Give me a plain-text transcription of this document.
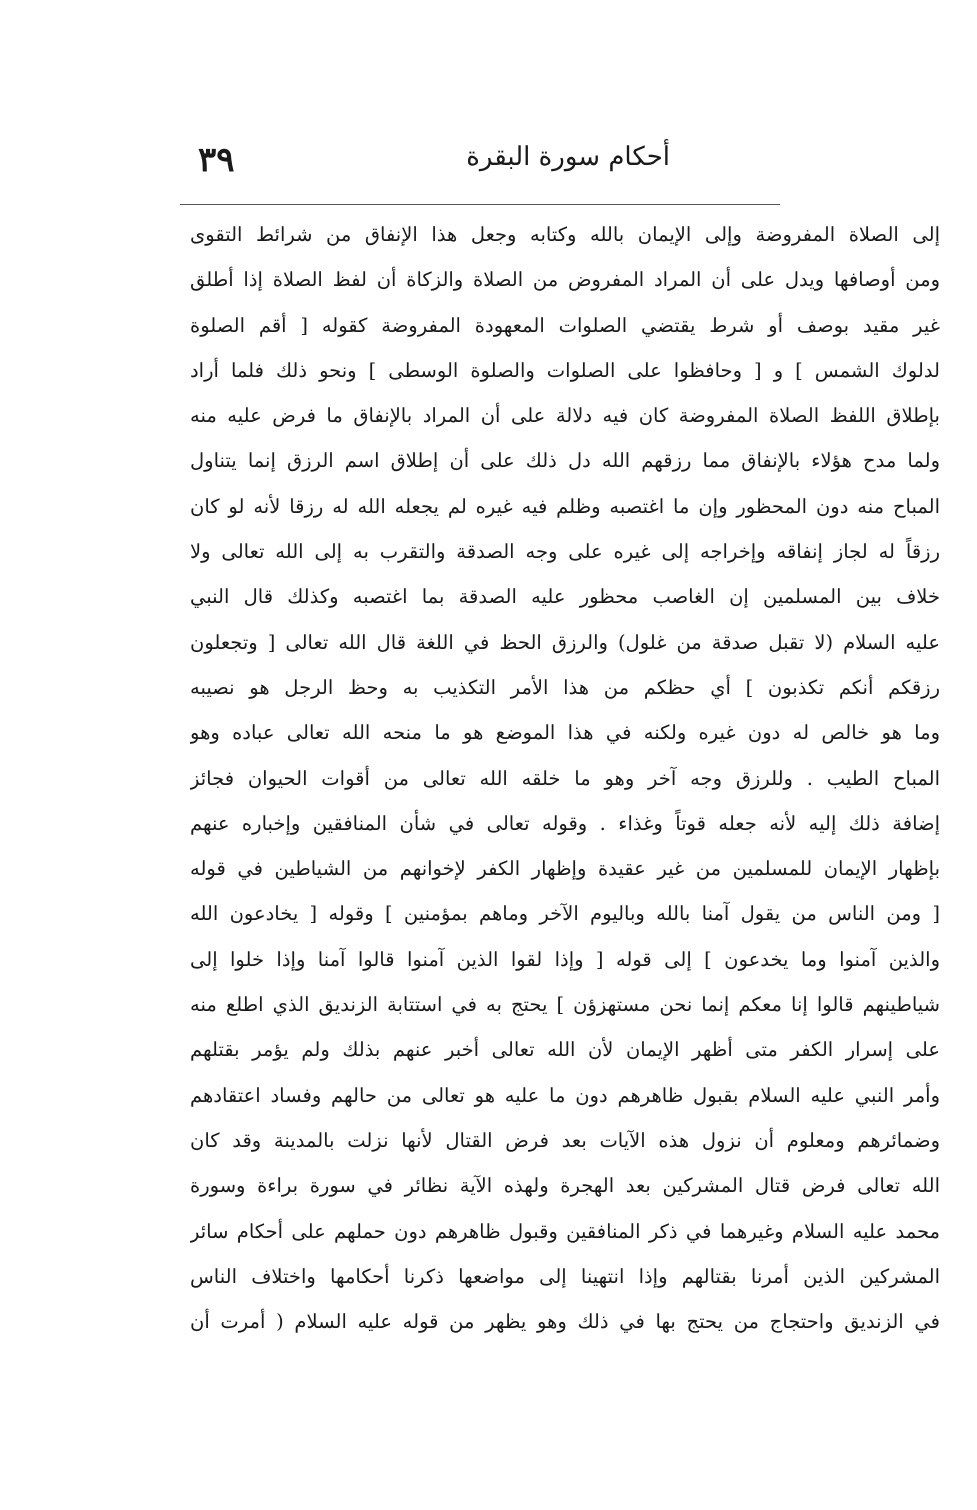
٣٩	أحكام سورة البقرة
إلى الصلاة المفروضة وإلى الإيمان بالله وكتابه وجعل هذا الإنفاق من شرائط التقوى
ومن أوصافها ويدل على أن المراد المفروض من الصلاة والزكاة أن لفظ الصلاة إذا أطلق
غير مقيد بوصف أو شرط يقتضي الصلوات المعهودة المفروضة كقوله [ أقم الصلوة
لدلوك الشمس ] و [ وحافظوا على الصلوات والصلوة الوسطى ] ونحو ذلك فلما أراد
بإطلاق اللفظ الصلاة المفروضة كان فيه دلالة على أن المراد بالإنفاق ما فرض عليه منه
ولما مدح هؤلاء بالإنفاق مما رزقهم الله دل ذلك على أن إطلاق اسم الرزق إنما يتناول
المباح منه دون المحظور وإن ما اغتصبه وظلم فيه غيره لم يجعله الله له رزقا لأنه لو كان
رزقاً له لجاز إنفاقه وإخراجه إلى غيره على وجه الصدقة والتقرب به إلى الله تعالى ولا
خلاف بين المسلمين إن الغاصب محظور عليه الصدقة بما اغتصبه وكذلك قال النبي
عليه السلام (لا تقبل صدقة من غلول) والرزق الحظ في اللغة قال الله تعالى [ وتجعلون
رزقكم أنكم تكذبون ] أي حظكم من هذا الأمر التكذيب به وحظ الرجل هو نصيبه
وما هو خالص له دون غيره ولكنه في هذا الموضع هو ما منحه الله تعالى عباده وهو
المباح الطيب . وللرزق وجه آخر وهو ما خلقه الله تعالى من أقوات الحيوان فجائز
إضافة ذلك إليه لأنه جعله قوتاً وغذاء . وقوله تعالى في شأن المنافقين وإخباره عنهم
بإظهار الإيمان للمسلمين من غير عقيدة وإظهار الكفر لإخوانهم من الشياطين في قوله
[ ومن الناس من يقول آمنا بالله وباليوم الآخر وماهم بمؤمنين ] وقوله [ يخادعون الله
والذين آمنوا وما يخدعون ] إلى قوله [ وإذا لقوا الذين آمنوا قالوا آمنا وإذا خلوا إلى
شياطينهم قالوا إنا معكم إنما نحن مستهزؤن ] يحتج به في استتابة الزنديق الذي اطلع منه
على إسرار الكفر متى أظهر الإيمان لأن الله تعالى أخبر عنهم بذلك ولم يؤمر بقتلهم
وأمر النبي عليه السلام بقبول ظاهرهم دون ما عليه هو تعالى من حالهم وفساد اعتقادهم
وضمائرهم ومعلوم أن نزول هذه الآيات بعد فرض القتال لأنها نزلت بالمدينة وقد كان
الله تعالى فرض قتال المشركين بعد الهجرة ولهذه الآية نظائر في سورة براءة وسورة
محمد عليه السلام وغيرهما في ذكر المنافقين وقبول ظاهرهم دون حملهم على أحكام سائر
المشركين الذين أمرنا بقتالهم وإذا انتهينا إلى مواضعها ذكرنا أحكامها واختلاف الناس
في الزنديق واحتجاج من يحتج بها في ذلك وهو يظهر من قوله عليه السلام ( أمرت أن
